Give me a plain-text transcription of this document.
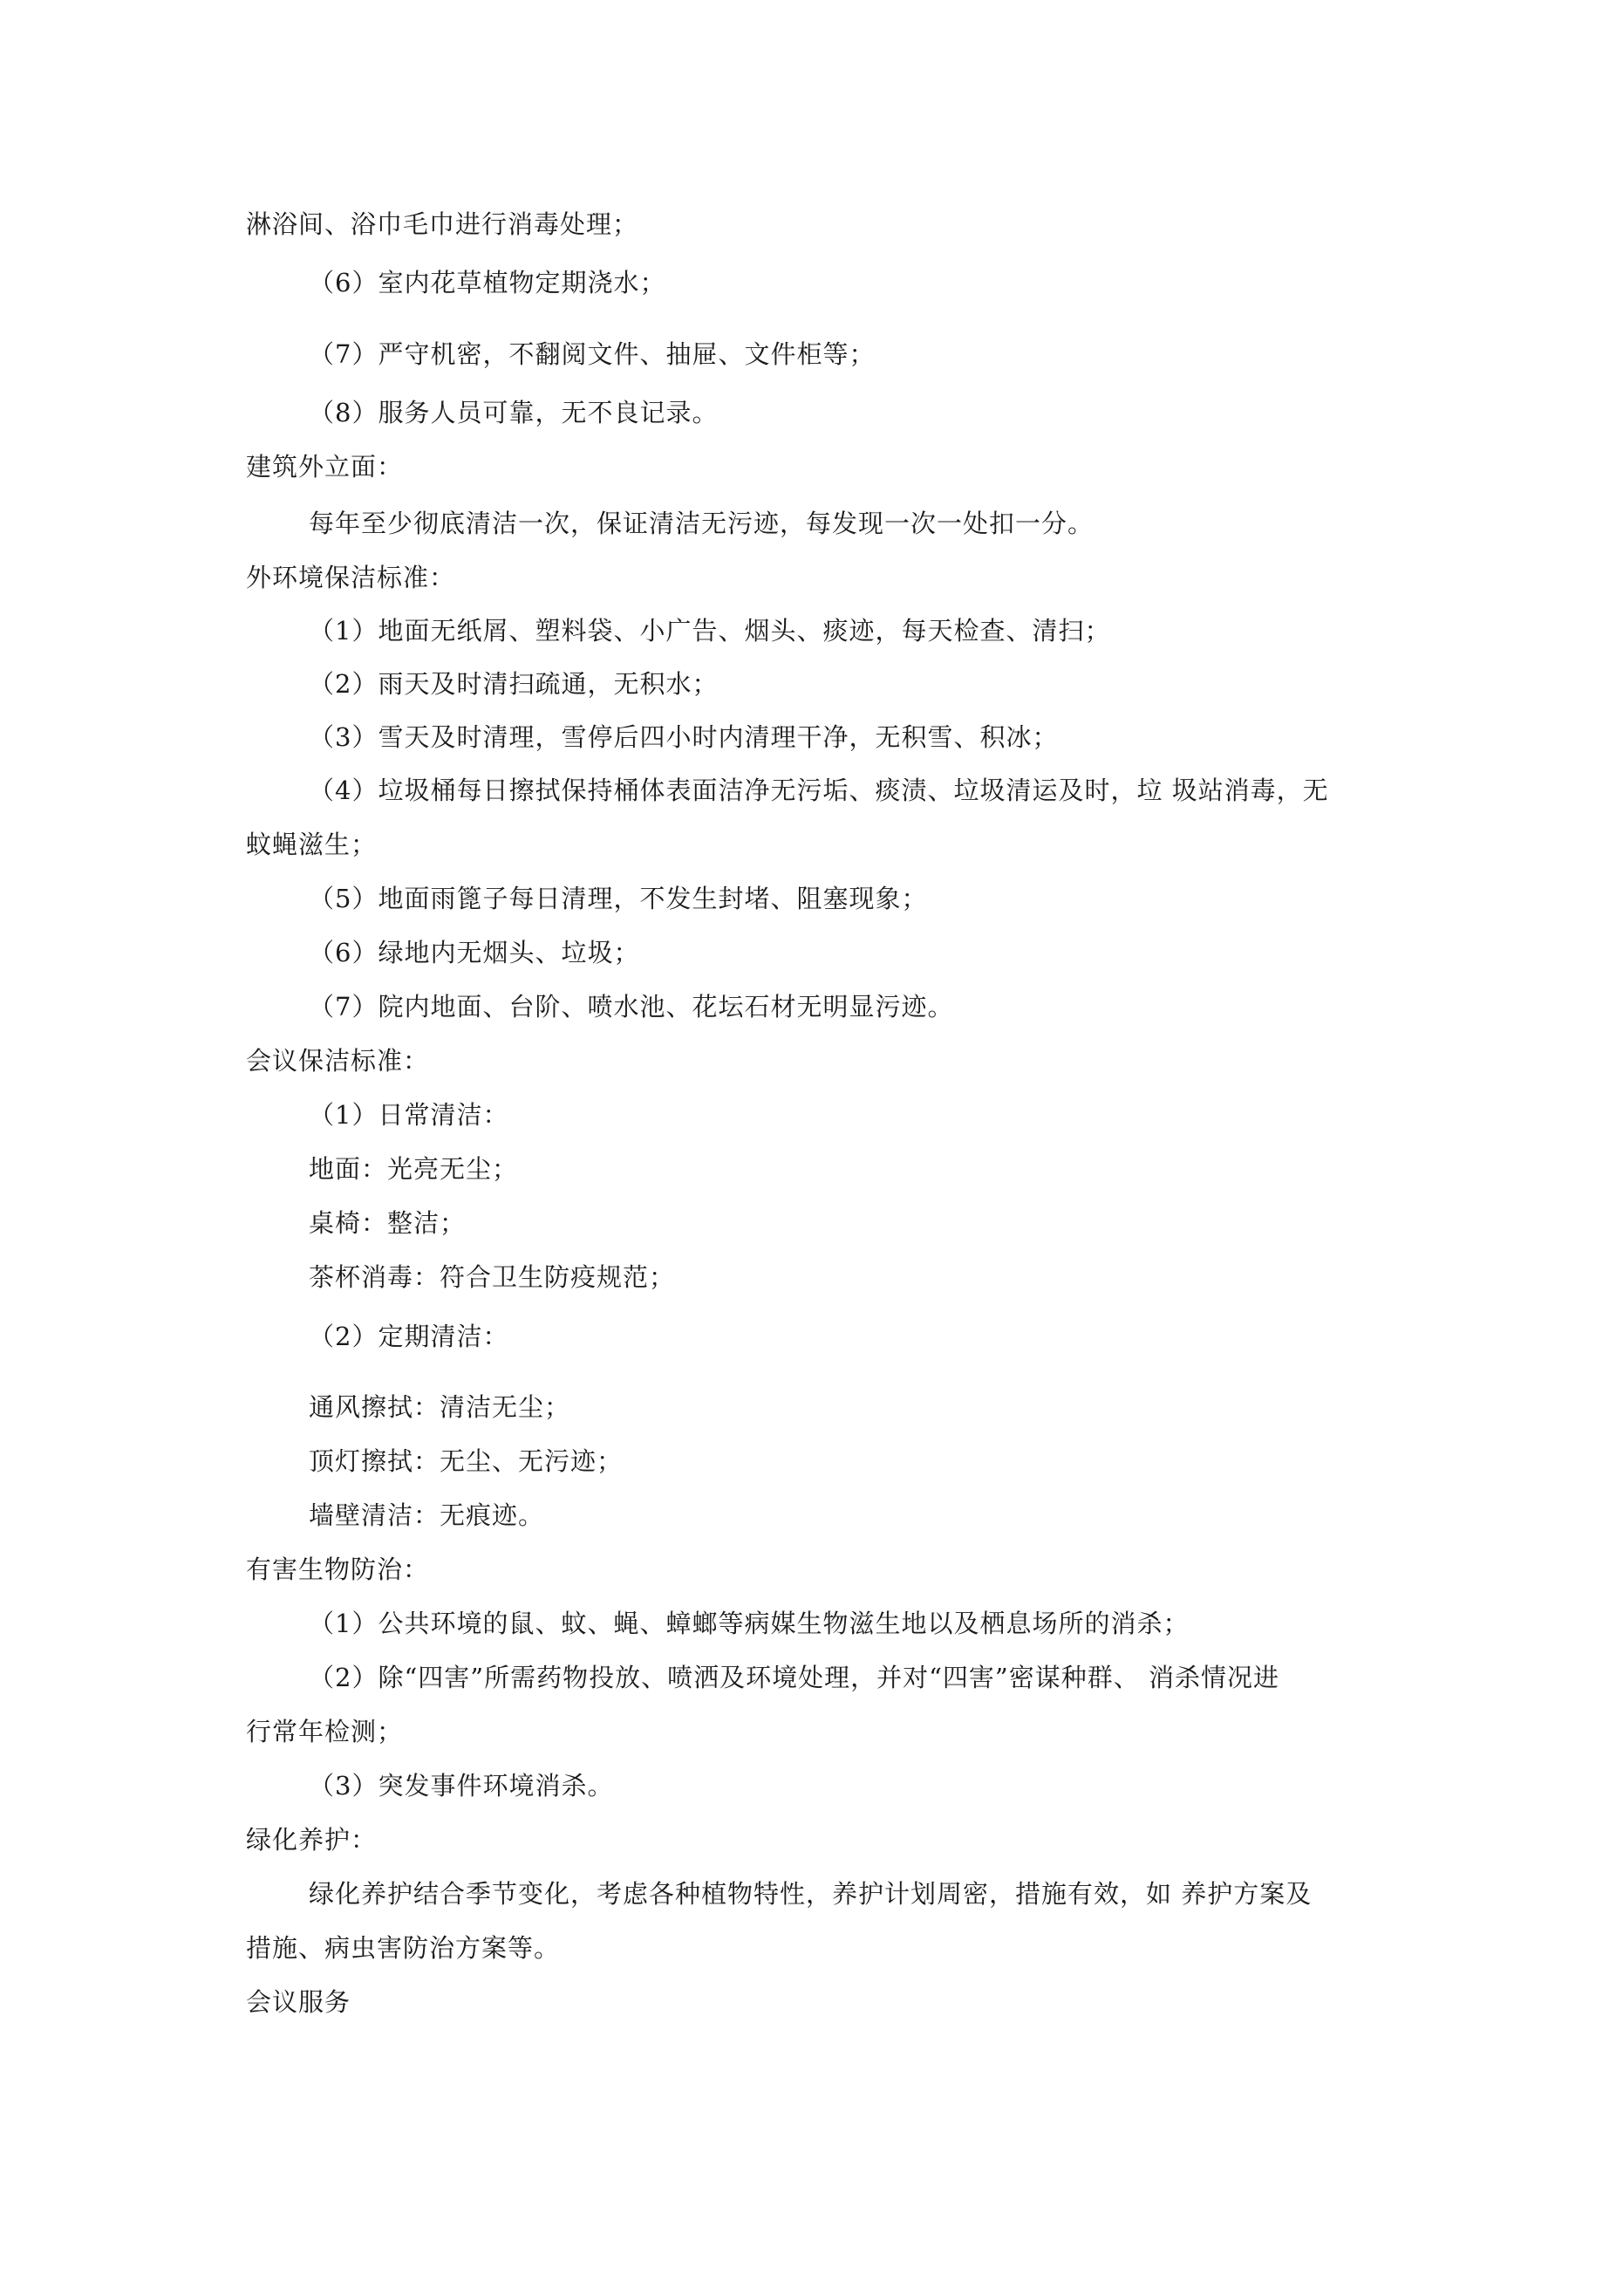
淋浴间、浴巾毛巾进行消毒处理；
（6）室内花草植物定期浇水；
（7）严守机密，不翻阅文件、抽屉、文件柜等；
（8）服务人员可靠，无不良记录。
建筑外立面：
每年至少彻底清洁一次，保证清洁无污迹，每发现一次一处扣一分。
外环境保洁标准：
（1）地面无纸屑、塑料袋、小广告、烟头、痰迹，每天检查、清扫；
（2）雨天及时清扫疏通，无积水；
（3）雪天及时清理，雪停后四小时内清理干净，无积雪、积冰；
（4）垃圾桶每日擦拭保持桶体表面洁净无污垢、痰渍、垃圾清运及时，垃 圾站消毒，无
蚊蝇滋生；
（5）地面雨篦子每日清理，不发生封堵、阻塞现象；
（6）绿地内无烟头、垃圾；
（7）院内地面、台阶、喷水池、花坛石材无明显污迹。
会议保洁标准：
（1）日常清洁：
地面：光亮无尘；
桌椅：整洁；
茶杯消毒：符合卫生防疫规范；
（2）定期清洁：
通风擦拭：清洁无尘；
顶灯擦拭：无尘、无污迹；
墙壁清洁：无痕迹。
有害生物防治：
（1）公共环境的鼠、蚊、蝇、蟑螂等病媒生物滋生地以及栖息场所的消杀；
（2）除“四害”所需药物投放、喷洒及环境处理，并对“四害”密谋种群、 消杀情况进
行常年检测；
（3）突发事件环境消杀。
绿化养护：
绿化养护结合季节变化，考虑各种植物特性，养护计划周密，措施有效，如 养护方案及
措施、病虫害防治方案等。
会议服务
